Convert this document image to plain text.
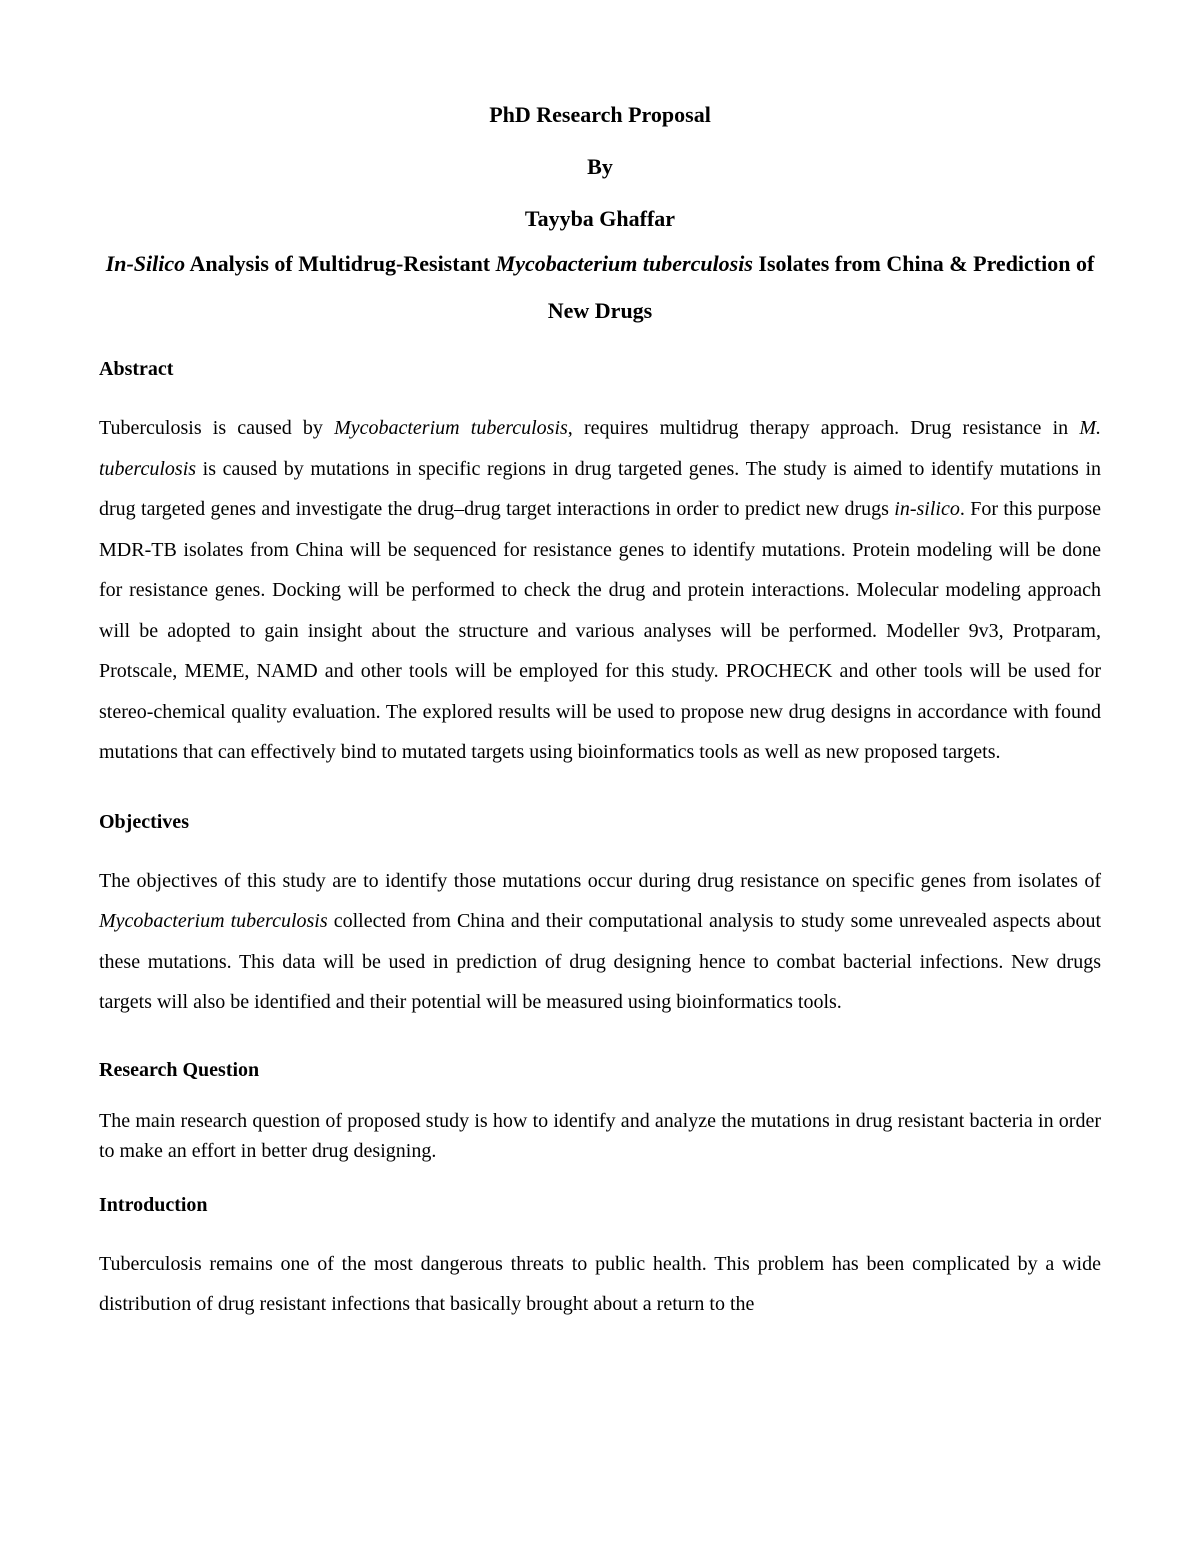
PhD Research Proposal

By

Tayyba Ghaffar

In-Silico Analysis of Multidrug-Resistant Mycobacterium tuberculosis Isolates from China & Prediction of New Drugs

Abstract

Tuberculosis is caused by Mycobacterium tuberculosis, requires multidrug therapy approach. Drug resistance in M. tuberculosis is caused by mutations in specific regions in drug targeted genes. The study is aimed to identify mutations in drug targeted genes and investigate the drug–drug target interactions in order to predict new drugs in-silico. For this purpose MDR-TB isolates from China will be sequenced for resistance genes to identify mutations. Protein modeling will be done for resistance genes. Docking will be performed to check the drug and protein interactions. Molecular modeling approach will be adopted to gain insight about the structure and various analyses will be performed. Modeller 9v3, Protparam, Protscale, MEME, NAMD and other tools will be employed for this study. PROCHECK and other tools will be used for stereo-chemical quality evaluation. The explored results will be used to propose new drug designs in accordance with found mutations that can effectively bind to mutated targets using bioinformatics tools as well as new proposed targets.

Objectives

The objectives of this study are to identify those mutations occur during drug resistance on specific genes from isolates of Mycobacterium tuberculosis collected from China and their computational analysis to study some unrevealed aspects about these mutations. This data will be used in prediction of drug designing hence to combat bacterial infections. New drugs targets will also be identified and their potential will be measured using bioinformatics tools.

Research Question

The main research question of proposed study is how to identify and analyze the mutations in drug resistant bacteria in order to make an effort in better drug designing.

Introduction

Tuberculosis remains one of the most dangerous threats to public health. This problem has been complicated by a wide distribution of drug resistant infections that basically brought about a return to the
